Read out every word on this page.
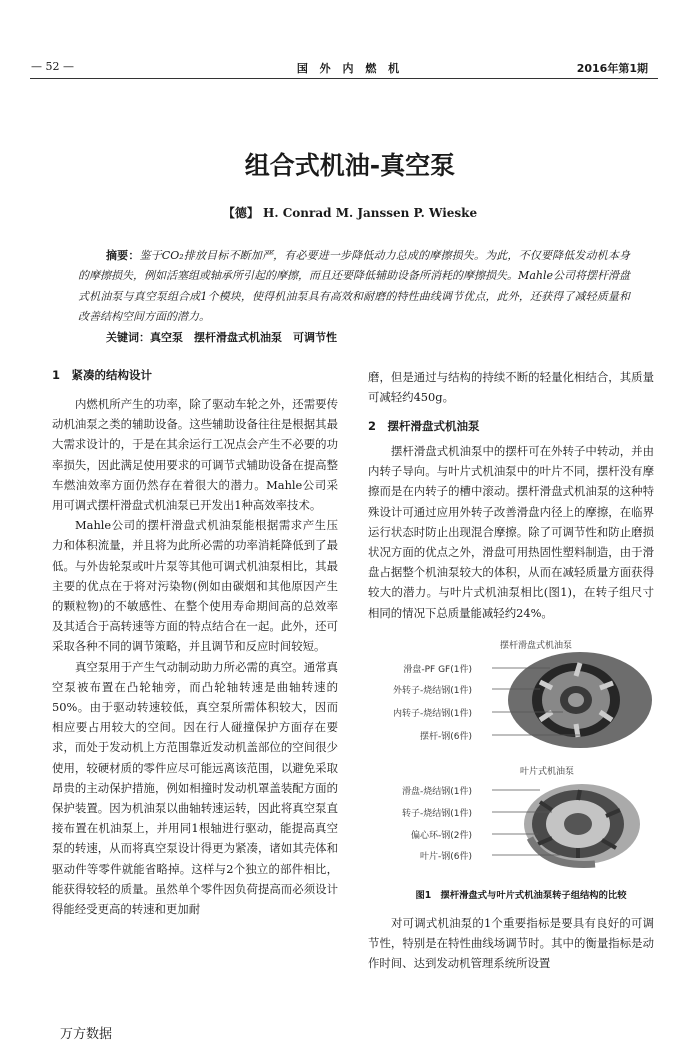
— 52 —	国 外 内 燃 机	2016年第1期
组合式机油-真空泵
【德】 H. Conrad M. Janssen P. Wieske
摘要：鉴于CO₂排放目标不断加严，有必要进一步降低动力总成的摩擦损失。为此，不仅要降低发动机本身的摩擦损失，例如活塞组或轴承所引起的摩擦，而且还要降低辅助设备所消耗的摩擦损失。Mahle公司将摆杆滑盘式机油泵与真空泵组合成1个模块，使得机油泵具有高效和耐磨的特性曲线调节优点，此外，还获得了减轻质量和改善结构空间方面的潜力。
关键词：真空泵　摆杆滑盘式机油泵　可调节性
1　紧凑的结构设计

内燃机所产生的功率，除了驱动车轮之外，还需要传动机油泵之类的辅助设备。这些辅助设备往往是根据其最大需求设计的，于是在其余运行工况点会产生不必要的功率损失，因此满足使用要求的可调节式辅助设备在提高整车燃油效率方面仍然存在着很大的潜力。Mahle公司采用可调式摆杆滑盘式机油泵已开发出1种高效率技术。

Mahle公司的摆杆滑盘式机油泵能根据需求产生压力和体积流量，并且将为此所必需的功率消耗降低到了最低。与外齿轮泵或叶片泵等其他可调式机油泵相比，其最主要的优点在于将对污染物(例如由碳烟和其他原因产生的颗粒物)的不敏感性、在整个使用寿命期间高的总效率及其适合于高转速等方面的特点结合在一起。此外，还可采取各种不同的调节策略，并且调节和反应时间较短。

真空泵用于产生气动制动助力所必需的真空。通常真空泵被布置在凸轮轴旁，而凸轮轴转速是曲轴转速的50%。由于驱动转速较低，真空泵所需体积较大，因而相应要占用较大的空间。因在行人碰撞保护方面存在要求，而处于发动机上方范围靠近发动机盖部位的空间很少使用，较硬材质的零件应尽可能远离该范围，以避免采取昂贵的主动保护措施，例如相撞时发动机罩盖装配方面的保护装置。因为机油泵以曲轴转速运转，因此将真空泵直接布置在机油泵上，并用同1根轴进行驱动，能提高真空泵的转速，从而将真空泵设计得更为紧凑，诸如其壳体和驱动件等零件就能省略掉。这样与2个独立的部件相比，能获得较轻的质量。虽然单个零件因负荷提高而必须设计得能经受更高的转速和更加耐

磨，但是通过与结构的持续不断的轻量化相结合，其质量可减轻约450g。

2　摆杆滑盘式机油泵

摆杆滑盘式机油泵中的摆杆可在外转子中转动，并由内转子导向。与叶片式机油泵中的叶片不同，摆杆没有摩擦而是在内转子的槽中滚动。摆杆滑盘式机油泵的这种特殊设计可通过应用外转子改善滑盘内径上的摩擦，在临界运行状态时防止出现混合摩擦。除了可调节性和防止磨损状况方面的优点之外，滑盘可用热固性塑料制造，由于滑盘占据整个机油泵较大的体积，从而在减轻质量方面获得较大的潜力。与叶片式机油泵相比(图1)，在转子组尺寸相同的情况下总质量能减轻约24%。

摆杆滑盘式机油泵
滑盘-PF GF(1件)
外转子-烧结钢(1件)
内转子-烧结钢(1件)
摆杆-钢(6件)
叶片式机油泵
滑盘-烧结钢(1件)
转子-烧结钢(1件)
偏心环-钢(2件)
叶片-钢(6件)
图1　摆杆滑盘式与叶片式机油泵转子组结构的比较

对可调式机油泵的1个重要指标是要具有良好的可调节性，特别是在特性曲线场调节时。其中的衡量指标是动作时间、达到发动机管理系统所设置

万方数据
